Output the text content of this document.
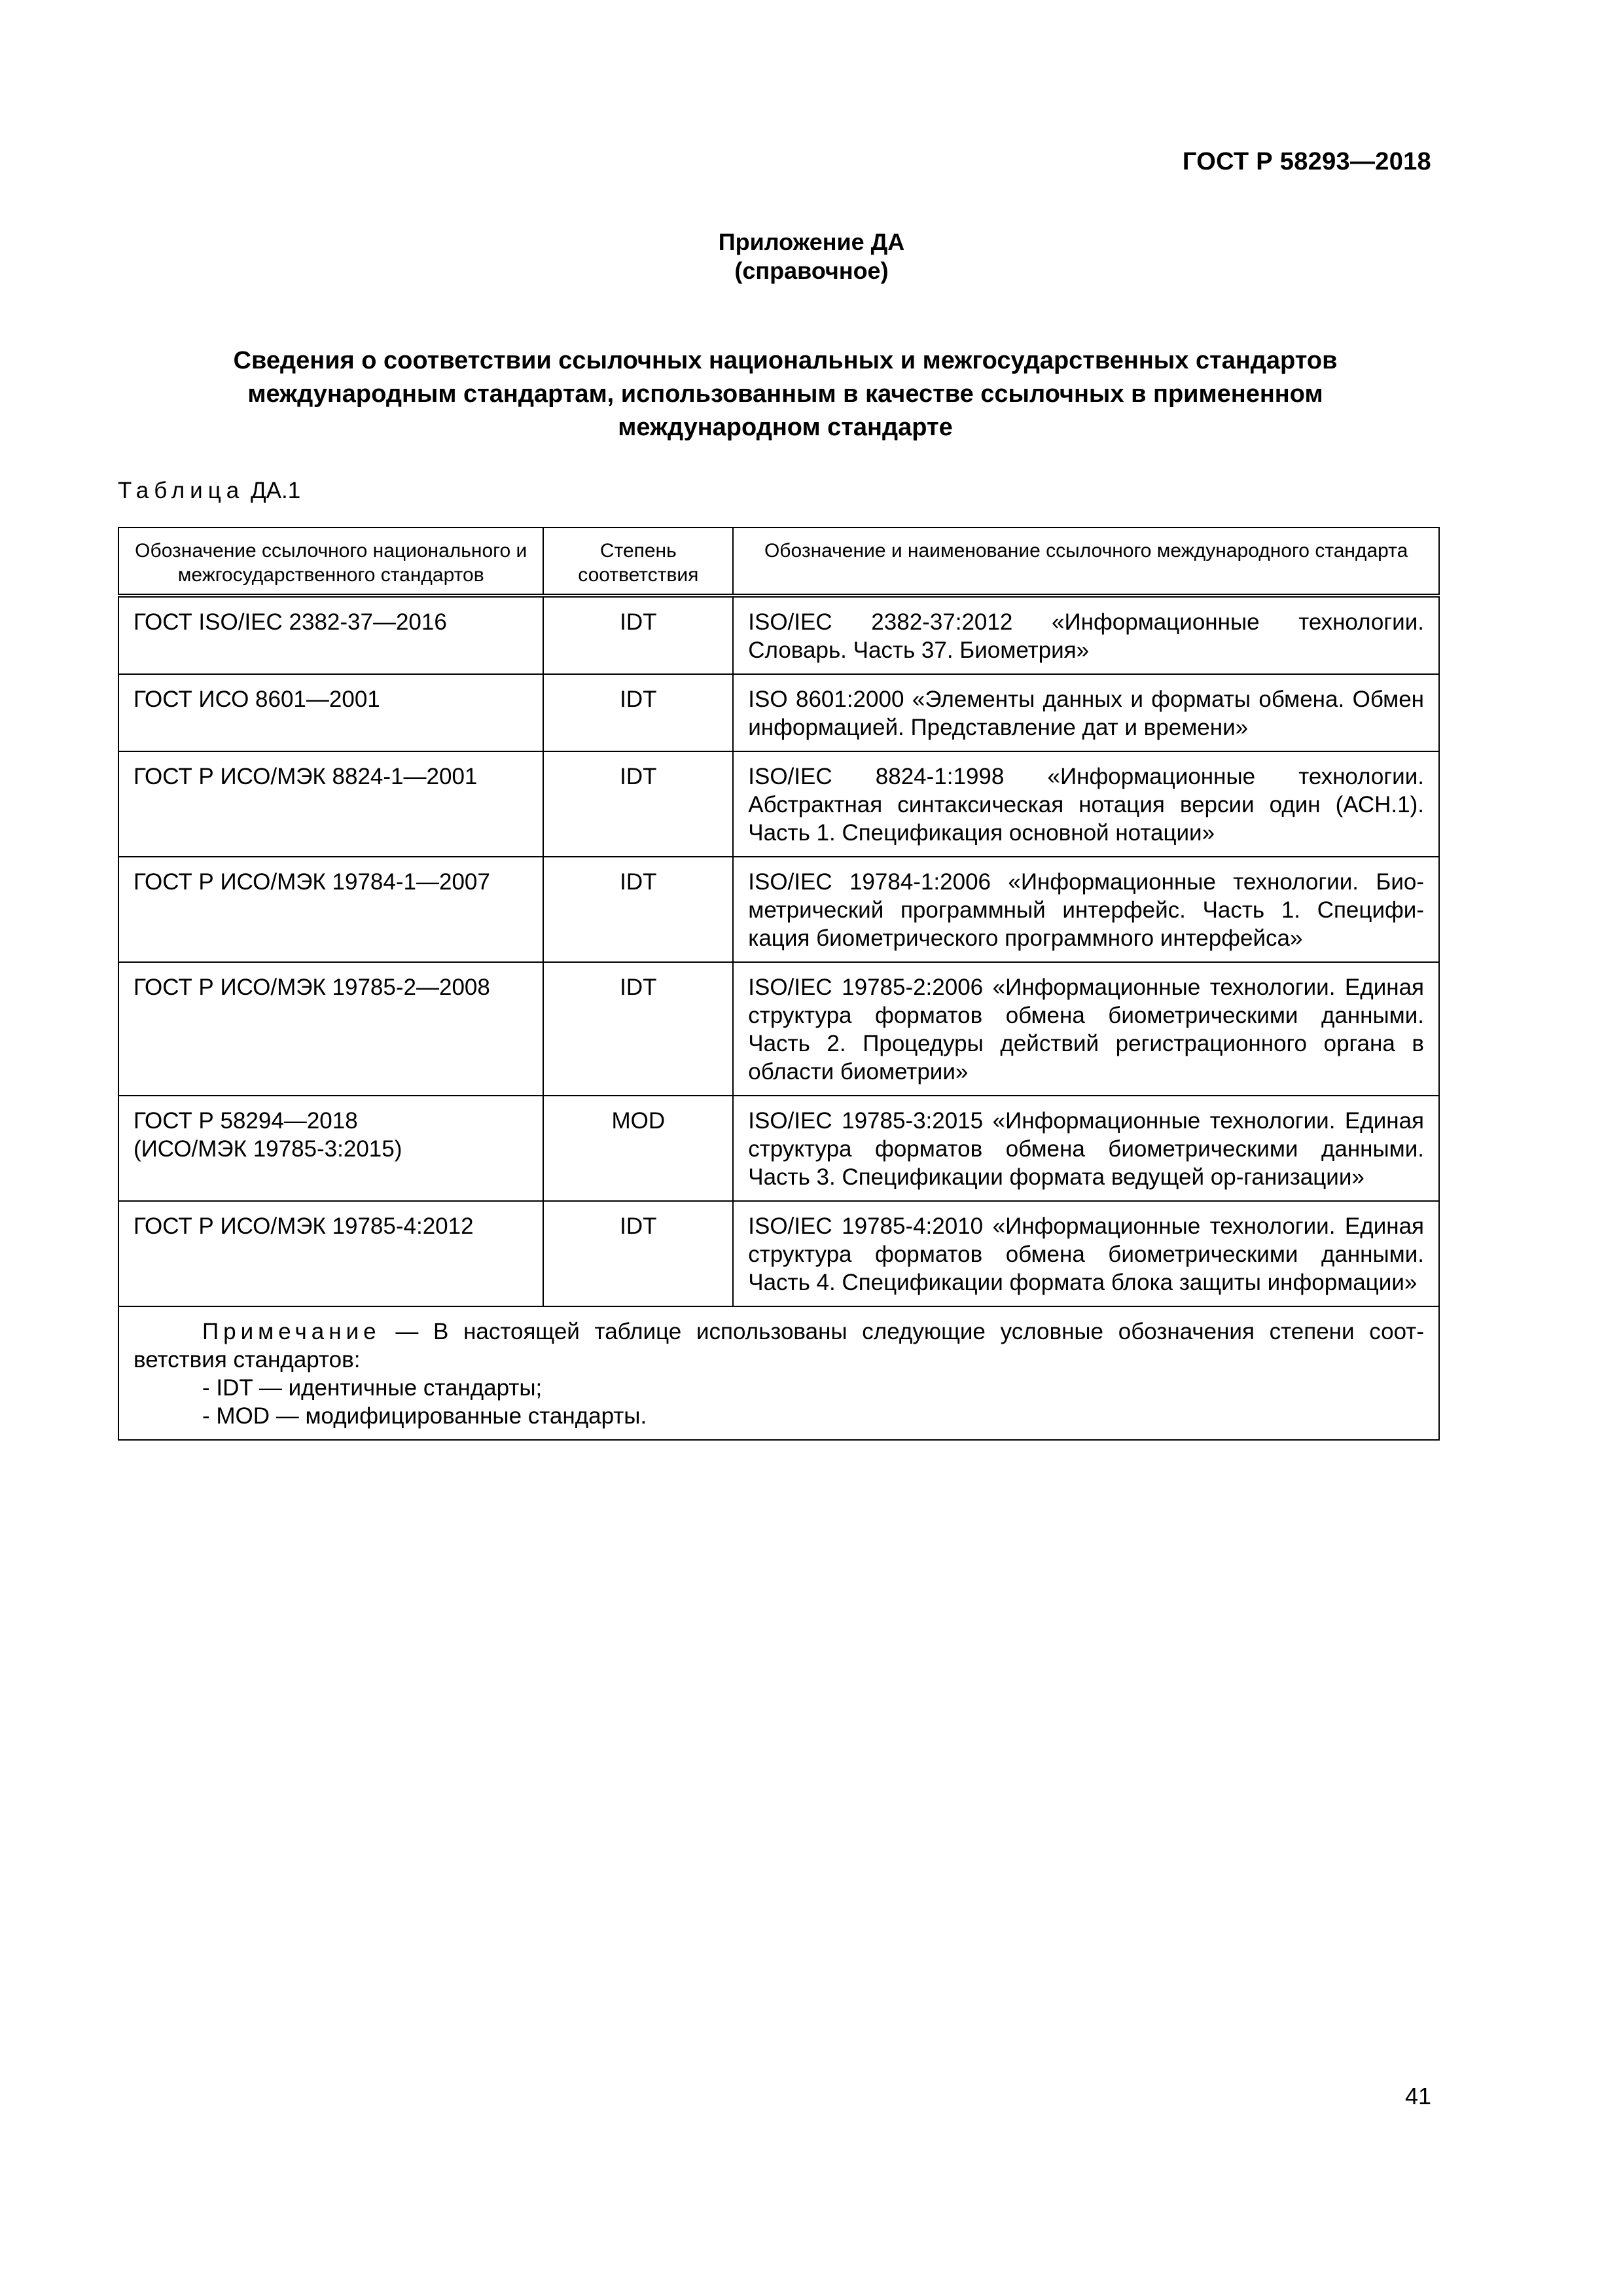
ГОСТ Р 58293—2018
Приложение ДА
(справочное)
Сведения о соответствии ссылочных национальных и межгосударственных стандартов
международным стандартам, использованным в качестве ссылочных в примененном
международном стандарте
Таблица ДА.1
Обозначение ссылочного национального и межгосударственного стандартов	Степень соответствия	Обозначение и наименование ссылочного международного стандарта
ГОСТ ISO/IEC 2382-37—2016	IDT	ISO/IEC 2382-37:2012 «Информационные технологии. Словарь. Часть 37. Биометрия»
ГОСТ ИСО 8601—2001	IDT	ISO 8601:2000 «Элементы данных и форматы обмена. Обмен информацией. Представление дат и времени»
ГОСТ Р ИСО/МЭК 8824-1—2001	IDT	ISO/IEC 8824-1:1998 «Информационные технологии. Абстрактная синтаксическая нотация версии один (АСН.1). Часть 1. Спецификация основной нотации»
ГОСТ Р ИСО/МЭК 19784-1—2007	IDT	ISO/IEC 19784-1:2006 «Информационные технологии. Био-метрический программный интерфейс. Часть 1. Специфи-кация биометрического программного интерфейса»
ГОСТ Р ИСО/МЭК 19785-2—2008	IDT	ISO/IEC 19785-2:2006 «Информационные технологии. Единая структура форматов обмена биометрическими данными. Часть 2. Процедуры действий регистрационного органа в области биометрии»

ГОСТ Р 58294—2018
(ИСО/МЭК 19785-3:2015)	MOD	ISO/IEC 19785-3:2015 «Информационные технологии. Единая структура форматов обмена биометрическими данными. Часть 3. Спецификации формата ведущей ор-ганизации»
ГОСТ Р ИСО/МЭК 19785-4:2012	IDT	ISO/IEC 19785-4:2010 «Информационные технологии. Единая структура форматов обмена биометрическими данными. Часть 4. Спецификации формата блока защиты информации»

Примечание — В настоящей таблице использованы следующие условные обозначения степени соот-ветствия стандартов:
- IDT — идентичные стандарты;
- MOD — модифицированные стандарты.		
41
